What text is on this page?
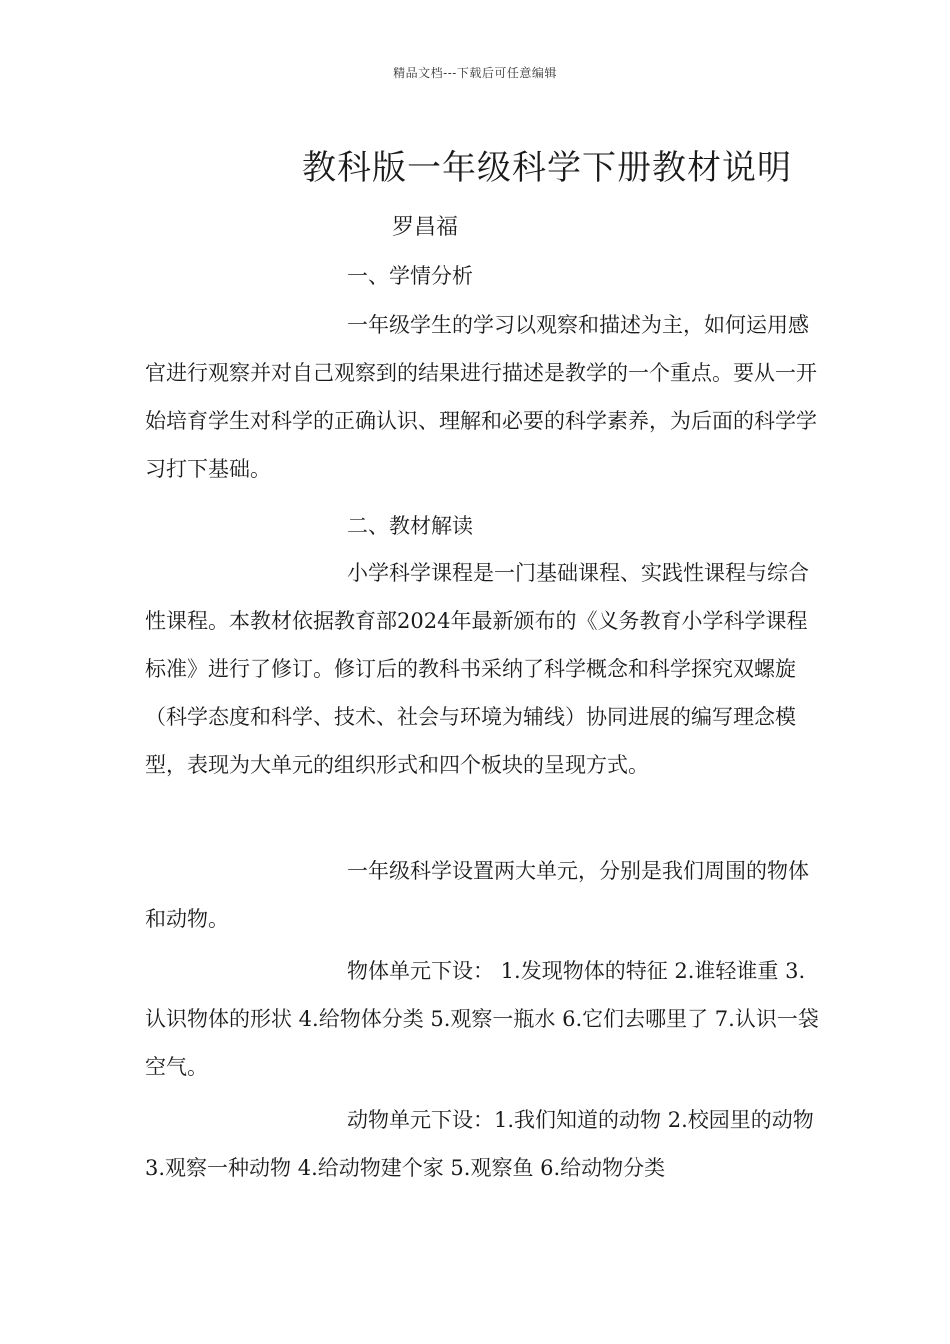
精品文档---下载后可任意编辑
教科版一年级科学下册教材说明
罗昌福
一、学情分析

一年级学生的学习以观察和描述为主，如何运用感官进行观察并对自己观察到的结果进行描述是教学的一个重点。要从一开始培育学生对科学的正确认识、理解和必要的科学素养，为后面的科学学习打下基础。

二、教材解读

小学科学课程是一门基础课程、实践性课程与综合性课程。本教材依据教育部2024年最新颁布的《义务教育小学科学课程标准》进行了修订。修订后的教科书采纳了科学概念和科学探究双螺旋（科学态度和科学、技术、社会与环境为辅线）协同进展的编写理念模型，表现为大单元的组织形式和四个板块的呈现方式。

一年级科学设置两大单元，分别是我们周围的物体和动物。

物体单元下设： 1.发现物体的特征 2.谁轻谁重 3.认识物体的形状 4.给物体分类 5.观察一瓶水 6.它们去哪里了 7.认识一袋空气。

动物单元下设：1.我们知道的动物 2.校园里的动物 3.观察一种动物 4.给动物建个家 5.观察鱼 6.给动物分类
